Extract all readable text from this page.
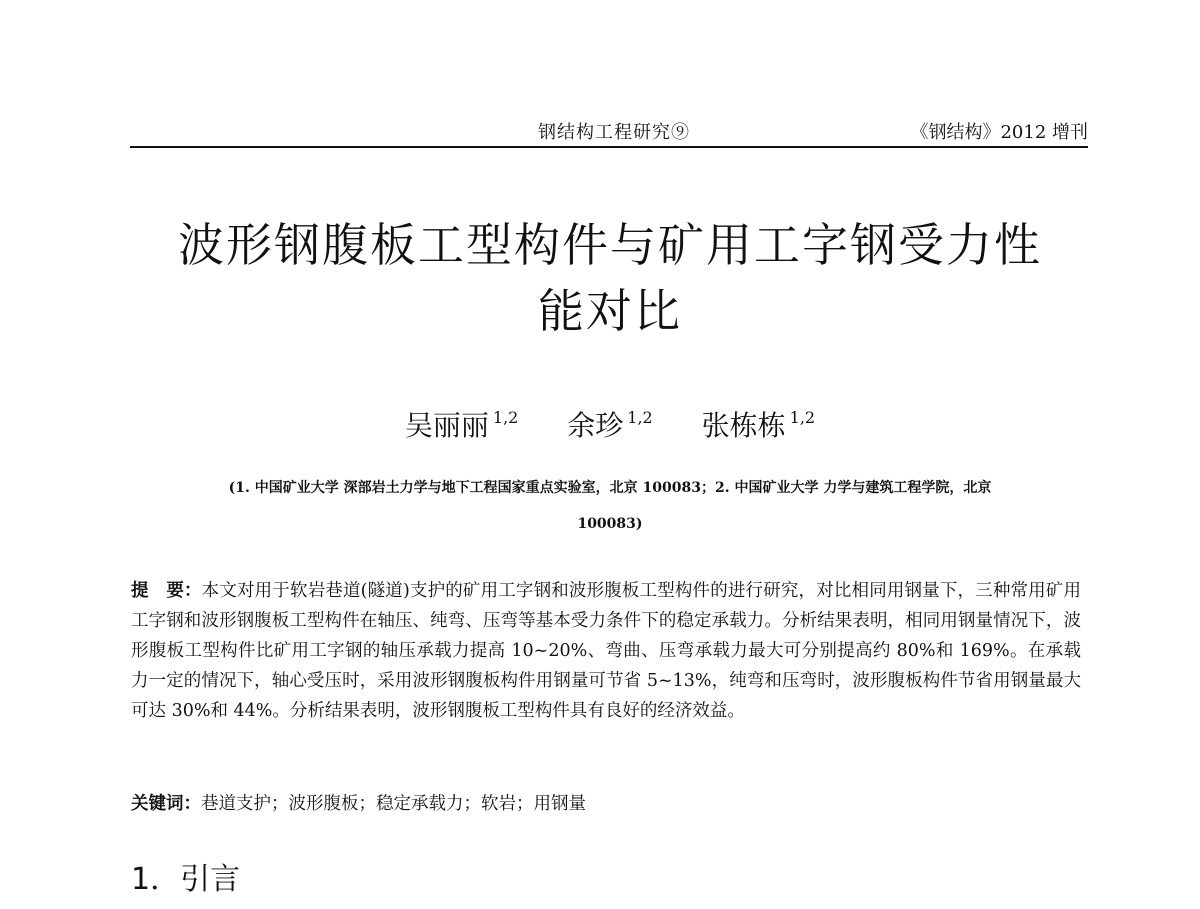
钢结构工程研究⑨	《钢结构》2012 增刊
波形钢腹板工型构件与矿用工字钢受力性
能对比
吴丽丽 $^{1,2}$ 余珍 $^{1,2}$ 张栋栋 $^{1,2}$
(1. 中国矿业大学 深部岩土力学与地下工程国家重点实验室，北京 100083；2. 中国矿业大学 力学与建筑工程学院，北京
100083)

提　要：本文对用于软岩巷道(隧道)支护的矿用工字钢和波形腹板工型构件的进行研究，对比相同用钢量下，三种常用矿用工字钢和波形钢腹板工型构件在轴压、纯弯、压弯等基本受力条件下的稳定承载力。分析结果表明，相同用钢量情况下，波形腹板工型构件比矿用工字钢的轴压承载力提高 10~20%、弯曲、压弯承载力最大可分别提高约 80%和 169%。在承载力一定的情况下，轴心受压时，采用波形钢腹板构件用钢量可节省 5~13%，纯弯和压弯时，波形腹板构件节省用钢量最大可达 30%和 44%。分析结果表明，波形钢腹板工型构件具有良好的经济效益。

关键词：巷道支护；波形腹板；稳定承载力；软岩；用钢量
1．引言
